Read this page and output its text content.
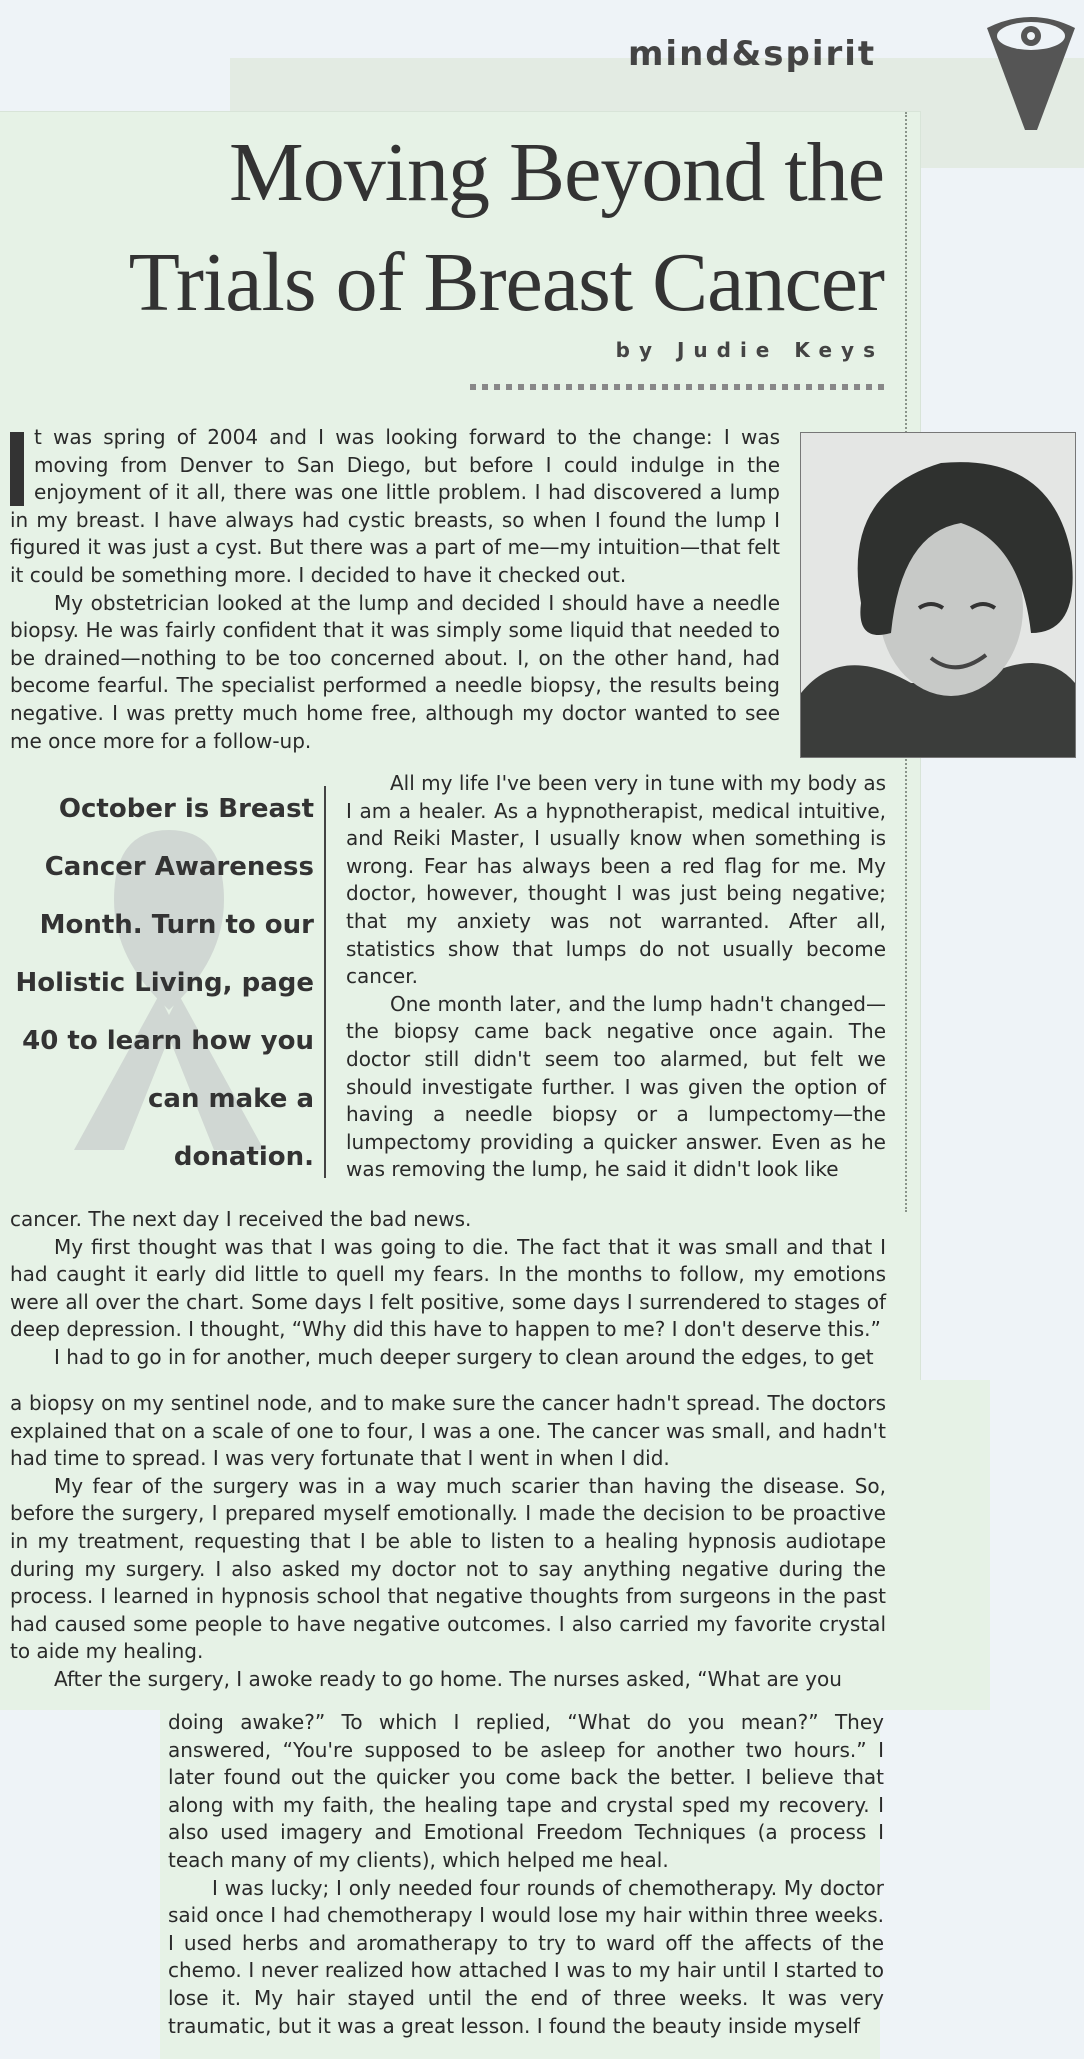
mind&spirit
Moving Beyond the
Trials of Breast Cancer
by Judie Keys

t was spring of 2004 and I was looking forward to the change: I was moving from Denver to San Diego, but before I could indulge in the enjoyment of it all, there was one little problem. I had discovered a lump in my breast. I have always had cystic breasts, so when I found the lump I figured it was just a cyst. But there was a part of me—my intuition—that felt it could be something more. I decided to have it checked out.

My obstetrician looked at the lump and decided I should have a needle biopsy. He was fairly confident that it was simply some liquid that needed to be drained—nothing to be too concerned about. I, on the other hand, had become fearful. The specialist performed a needle biopsy, the results being negative. I was pretty much home free, although my doctor wanted to see me once more for a follow-up.

October is Breast Cancer Awareness Month. Turn to our Holistic Living, page 40 to learn how you can make a donation.

All my life I've been very in tune with my body as I am a healer. As a hypnotherapist, medical intuitive, and Reiki Master, I usually know when something is wrong. Fear has always been a red flag for me. My doctor, however, thought I was just being negative; that my anxiety was not warranted. After all, statistics show that lumps do not usually become cancer.

One month later, and the lump hadn't changed—the biopsy came back negative once again. The doctor still didn't seem too alarmed, but felt we should investigate further. I was given the option of having a needle biopsy or a lumpectomy—the lumpectomy providing a quicker answer. Even as he was removing the lump, he said it didn't look like

cancer. The next day I received the bad news.

My first thought was that I was going to die. The fact that it was small and that I had caught it early did little to quell my fears. In the months to follow, my emotions were all over the chart. Some days I felt positive, some days I surrendered to stages of deep depression. I thought, “Why did this have to happen to me? I don't deserve this.”

I had to go in for another, much deeper surgery to clean around the edges, to get

a biopsy on my sentinel node, and to make sure the cancer hadn't spread. The doctors explained that on a scale of one to four, I was a one. The cancer was small, and hadn't had time to spread. I was very fortunate that I went in when I did.

My fear of the surgery was in a way much scarier than having the disease. So, before the surgery, I prepared myself emotionally. I made the decision to be proactive in my treatment, requesting that I be able to listen to a healing hypnosis audiotape during my surgery. I also asked my doctor not to say anything negative during the process. I learned in hypnosis school that negative thoughts from surgeons in the past had caused some people to have negative outcomes. I also carried my favorite crystal to aide my healing.

After the surgery, I awoke ready to go home. The nurses asked, “What are you

doing awake?” To which I replied, “What do you mean?” They answered, “You're supposed to be asleep for another two hours.” I later found out the quicker you come back the better. I believe that along with my faith, the healing tape and crystal sped my recovery. I also used imagery and Emotional Freedom Techniques (a process I teach many of my clients), which helped me heal.

I was lucky; I only needed four rounds of chemotherapy. My doctor said once I had chemotherapy I would lose my hair within three weeks. I used herbs and aromatherapy to try to ward off the affects of the chemo. I never realized how attached I was to my hair until I started to lose it. My hair stayed until the end of three weeks. It was very traumatic, but it was a great lesson. I found the beauty inside myself
